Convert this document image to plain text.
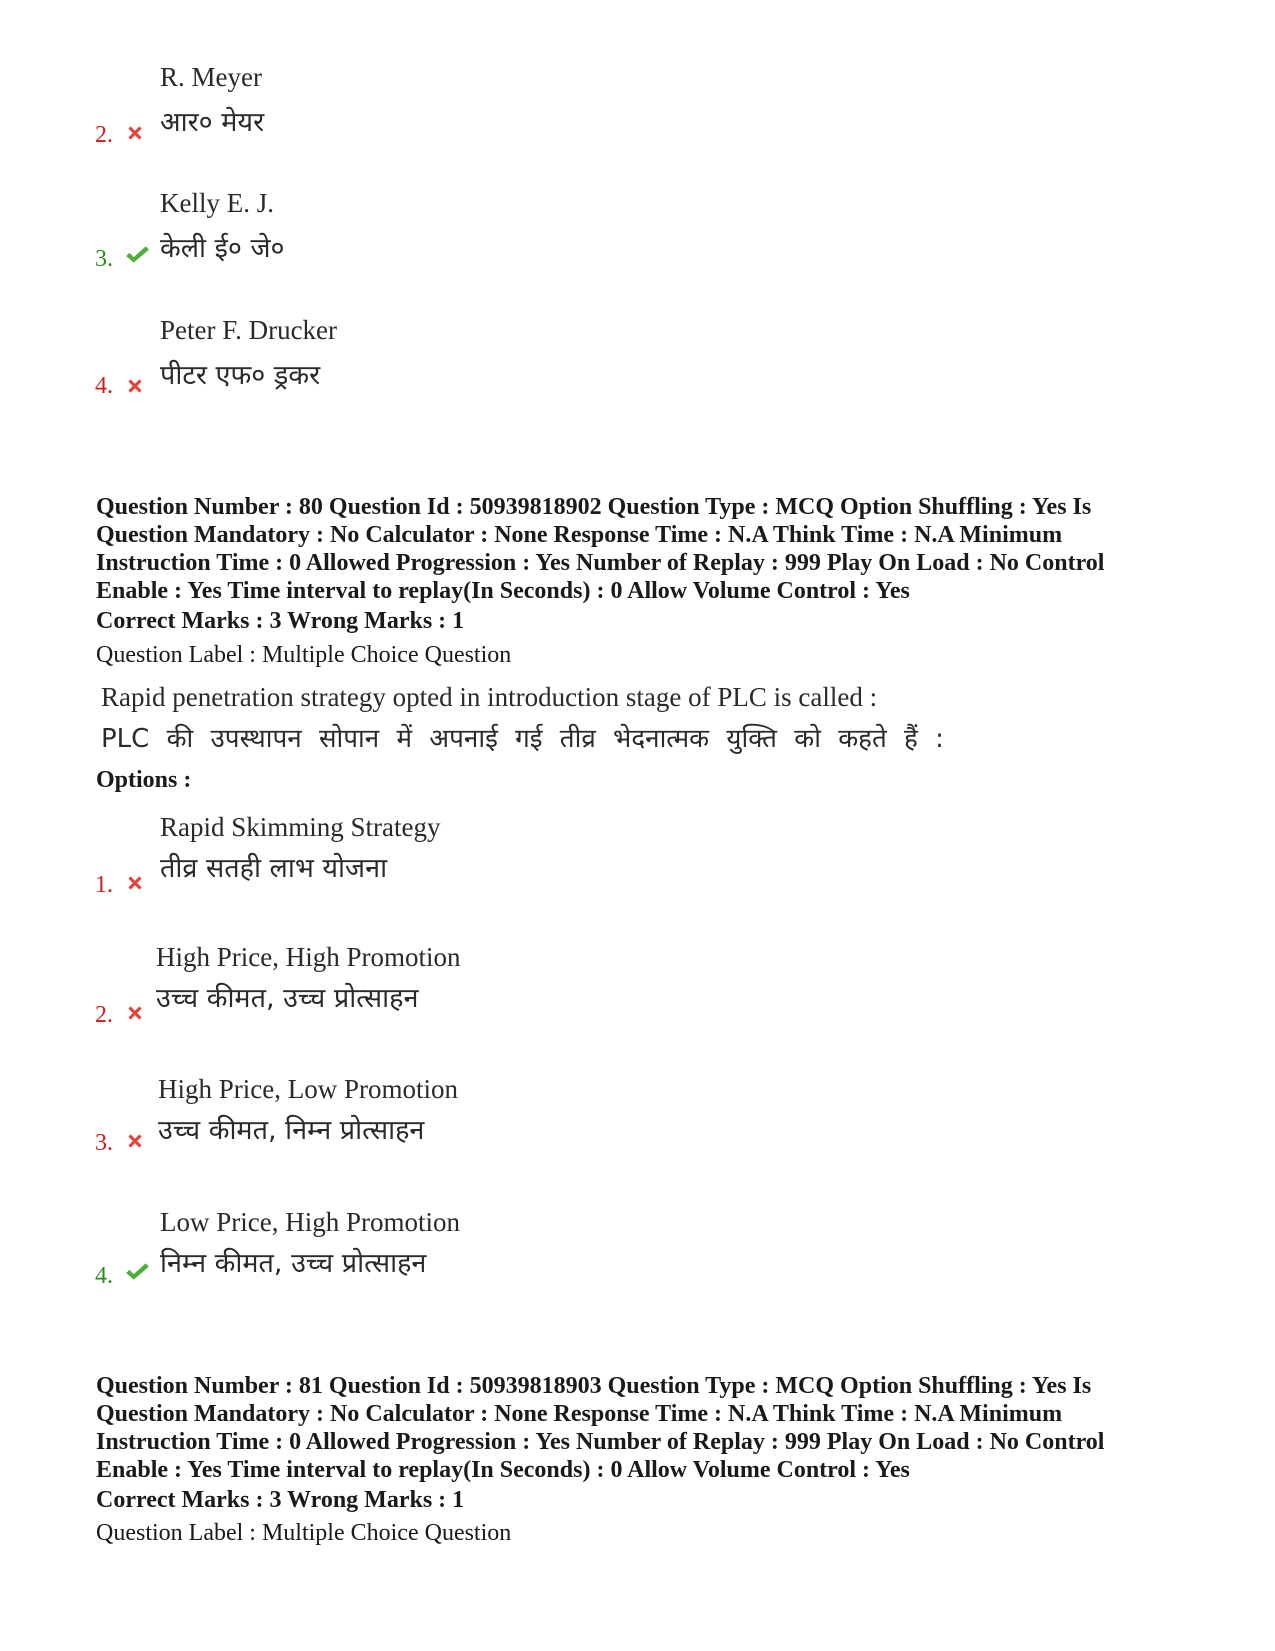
R. Meyer
आर० मेयर
2.
Kelly E. J.
केली ई० जे०
3.
Peter F. Drucker
पीटर एफ० ड्रकर
4.
Question Number : 80 Question Id : 50939818902 Question Type : MCQ Option Shuffling : Yes Is
Question Mandatory : No Calculator : None Response Time : N.A Think Time : N.A Minimum
Instruction Time : 0 Allowed Progression : Yes Number of Replay : 999 Play On Load : No Control
Enable : Yes Time interval to replay(In Seconds) : 0 Allow Volume Control : Yes
Correct Marks : 3 Wrong Marks : 1
Question Label : Multiple Choice Question
Rapid penetration strategy opted in introduction stage of PLC is called :
PLC की उपस्थापन सोपान में अपनाई गई तीव्र भेदनात्मक युक्ति को कहते हैं :
Options :
Rapid Skimming Strategy
तीव्र सतही लाभ योजना
1.
High Price, High Promotion
उच्च कीमत, उच्च प्रोत्साहन
2.
High Price, Low Promotion
उच्च कीमत, निम्न प्रोत्साहन
3.
Low Price, High Promotion
निम्न कीमत, उच्च प्रोत्साहन
4.
Question Number : 81 Question Id : 50939818903 Question Type : MCQ Option Shuffling : Yes Is
Question Mandatory : No Calculator : None Response Time : N.A Think Time : N.A Minimum
Instruction Time : 0 Allowed Progression : Yes Number of Replay : 999 Play On Load : No Control
Enable : Yes Time interval to replay(In Seconds) : 0 Allow Volume Control : Yes
Correct Marks : 3 Wrong Marks : 1
Question Label : Multiple Choice Question
